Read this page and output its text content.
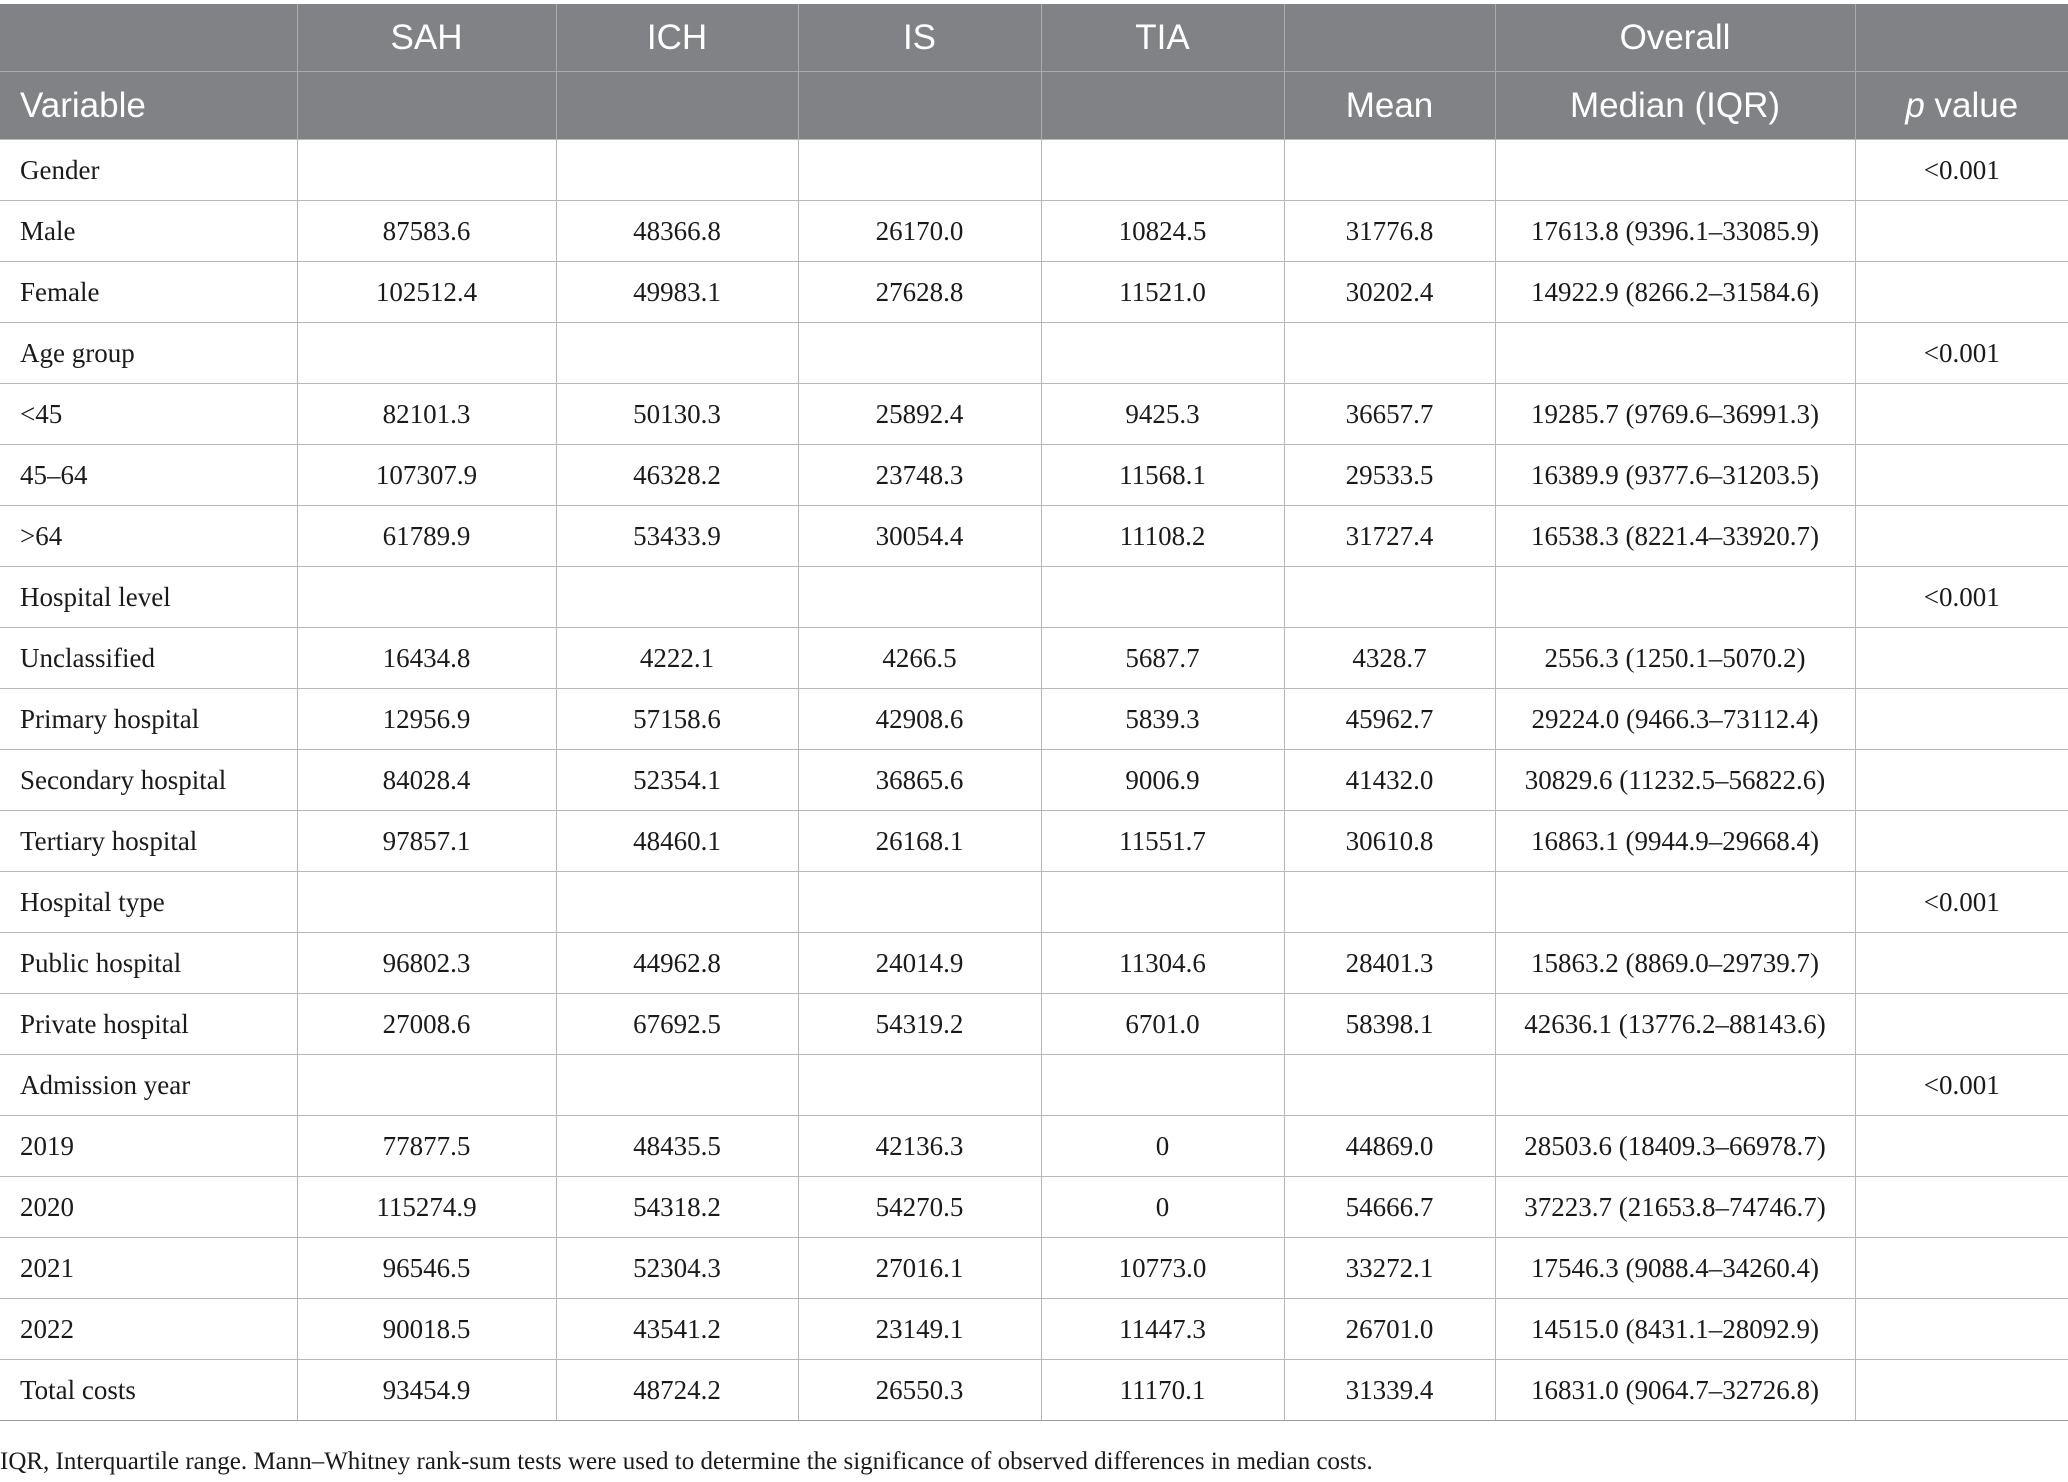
	SAH	ICH	IS	TIA		Overall	
Variable					Mean	Median (IQR)	p value
Gender							<0.001
Male	87583.6	48366.8	26170.0	10824.5	31776.8	17613.8 (9396.1–33085.9)	
Female	102512.4	49983.1	27628.8	11521.0	30202.4	14922.9 (8266.2–31584.6)	
Age group							<0.001
<45	82101.3	50130.3	25892.4	9425.3	36657.7	19285.7 (9769.6–36991.3)	
45–64	107307.9	46328.2	23748.3	11568.1	29533.5	16389.9 (9377.6–31203.5)	
>64	61789.9	53433.9	30054.4	11108.2	31727.4	16538.3 (8221.4–33920.7)	
Hospital level							<0.001
Unclassified	16434.8	4222.1	4266.5	5687.7	4328.7	2556.3 (1250.1–5070.2)	
Primary hospital	12956.9	57158.6	42908.6	5839.3	45962.7	29224.0 (9466.3–73112.4)	
Secondary hospital	84028.4	52354.1	36865.6	9006.9	41432.0	30829.6 (11232.5–56822.6)	
Tertiary hospital	97857.1	48460.1	26168.1	11551.7	30610.8	16863.1 (9944.9–29668.4)	
Hospital type							<0.001
Public hospital	96802.3	44962.8	24014.9	11304.6	28401.3	15863.2 (8869.0–29739.7)	
Private hospital	27008.6	67692.5	54319.2	6701.0	58398.1	42636.1 (13776.2–88143.6)	
Admission year							<0.001
2019	77877.5	48435.5	42136.3	0	44869.0	28503.6 (18409.3–66978.7)	
2020	115274.9	54318.2	54270.5	0	54666.7	37223.7 (21653.8–74746.7)	
2021	96546.5	52304.3	27016.1	10773.0	33272.1	17546.3 (9088.4–34260.4)	
2022	90018.5	43541.2	23149.1	11447.3	26701.0	14515.0 (8431.1–28092.9)	
Total costs	93454.9	48724.2	26550.3	11170.1	31339.4	16831.0 (9064.7–32726.8)	
IQR, Interquartile range. Mann–Whitney rank-sum tests were used to determine the significance of observed differences in median costs.
